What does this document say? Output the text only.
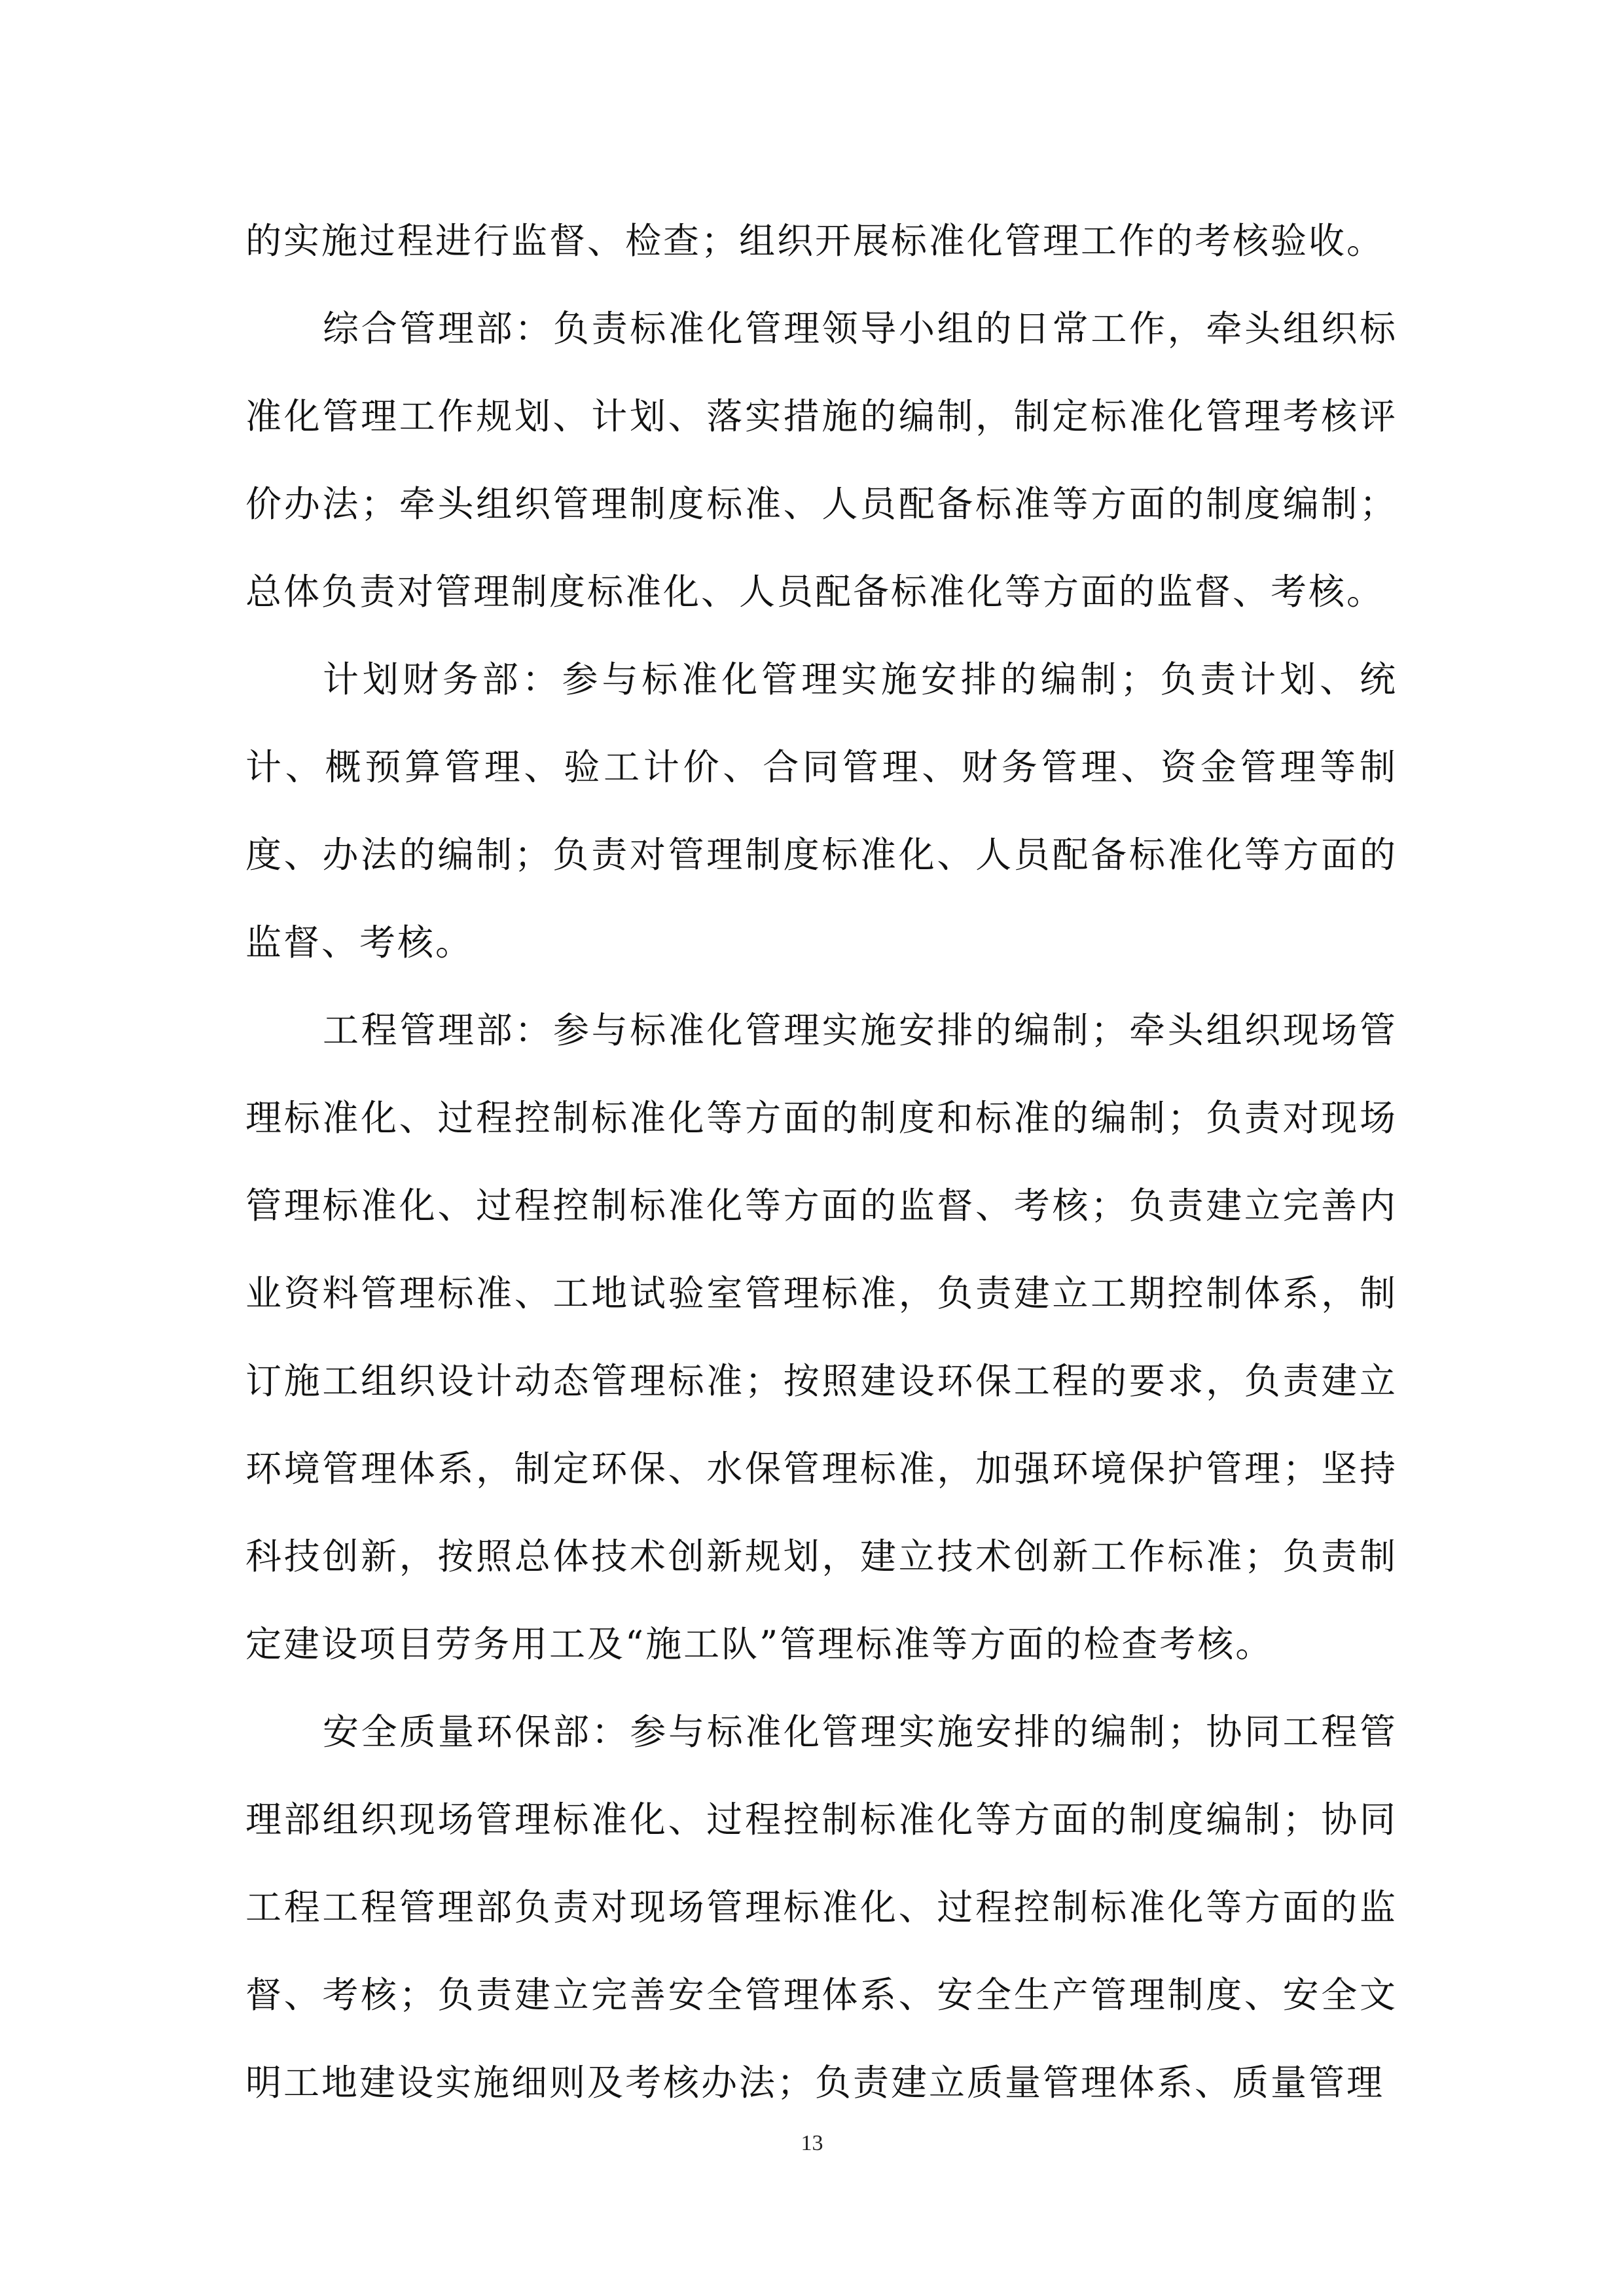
的实施过程进行监督、检查；组织开展标准化管理工作的考核验收。

综合管理部：负责标准化管理领导小组的日常工作，牵头组织标准化管理工作规划、计划、落实措施的编制，制定标准化管理考核评价办法；牵头组织管理制度标准、人员配备标准等方面的制度编制；总体负责对管理制度标准化、人员配备标准化等方面的监督、考核。

计划财务部：参与标准化管理实施安排的编制；负责计划、统计、概预算管理、验工计价、合同管理、财务管理、资金管理等制度、办法的编制；负责对管理制度标准化、人员配备标准化等方面的监督、考核。

工程管理部：参与标准化管理实施安排的编制；牵头组织现场管理标准化、过程控制标准化等方面的制度和标准的编制；负责对现场管理标准化、过程控制标准化等方面的监督、考核；负责建立完善内业资料管理标准、工地试验室管理标准，负责建立工期控制体系，制订施工组织设计动态管理标准；按照建设环保工程的要求，负责建立环境管理体系，制定环保、水保管理标准，加强环境保护管理；坚持科技创新，按照总体技术创新规划，建立技术创新工作标准；负责制定建设项目劳务用工及“施工队”管理标准等方面的检查考核。

安全质量环保部：参与标准化管理实施安排的编制；协同工程管理部组织现场管理标准化、过程控制标准化等方面的制度编制；协同工程工程管理部负责对现场管理标准化、过程控制标准化等方面的监督、考核；负责建立完善安全管理体系、安全生产管理制度、安全文明工地建设实施细则及考核办法；负责建立质量管理体系、质量管理

13
